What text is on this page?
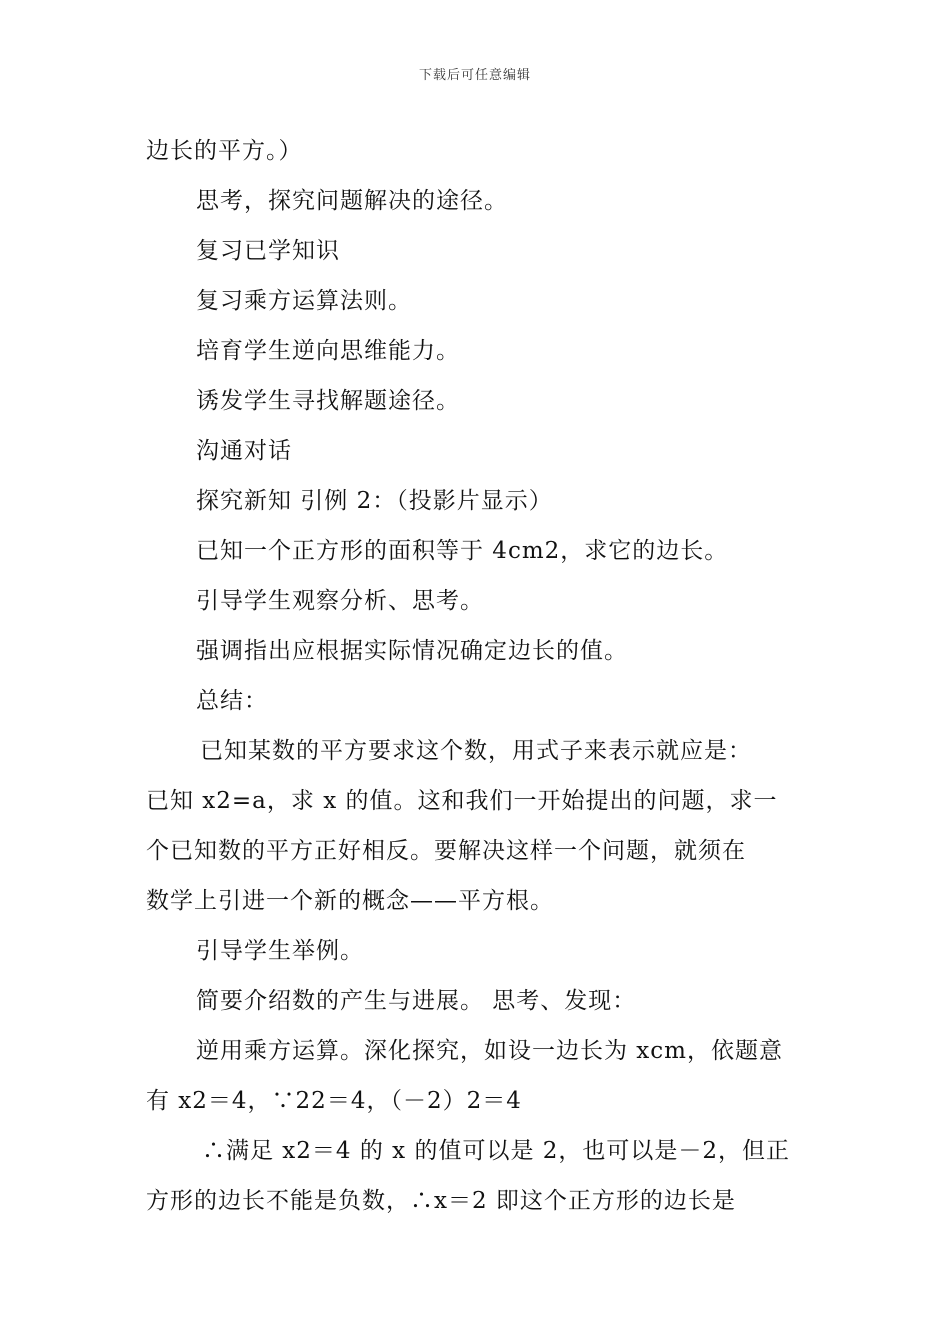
下载后可任意编辑
边长的平方。）
思考，探究问题解决的途径。
复习已学知识
复习乘方运算法则。
培育学生逆向思维能力。
诱发学生寻找解题途径。
沟通对话
探究新知 引例 2：（投影片显示）
已知一个正方形的面积等于 4cm2，求它的边长。
引导学生观察分析、思考。
强调指出应根据实际情况确定边长的值。
总结：
已知某数的平方要求这个数，用式子来表示就应是：
已知 x2=a，求 x 的值。这和我们一开始提出的问题，求一
个已知数的平方正好相反。要解决这样一个问题，就须在
数学上引进一个新的概念——平方根。
引导学生举例。
简要介绍数的产生与进展。 思考、发现：
逆用乘方运算。深化探究，如设一边长为 xcm，依题意
有 x2＝4，∵22＝4，（－2）2＝4
∴满足 x2＝4 的 x 的值可以是 2，也可以是－2，但正
方形的边长不能是负数，∴x＝2 即这个正方形的边长是
